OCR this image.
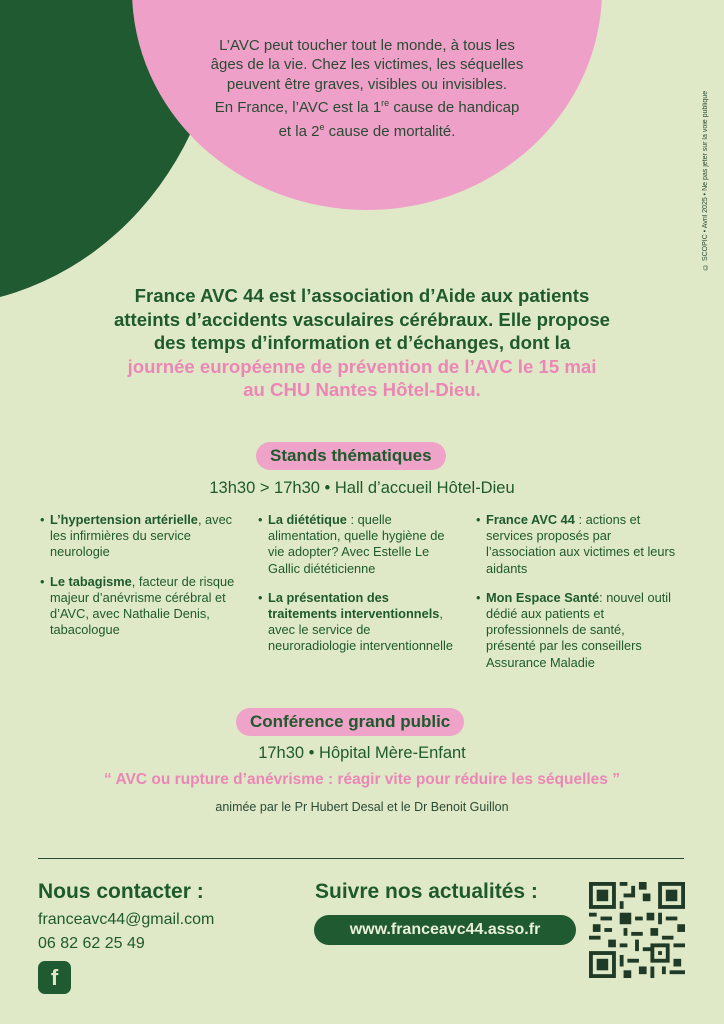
L’AVC peut toucher tout le monde, à tous les
âges de la vie. Chez les victimes, les séquelles
peuvent être graves, visibles ou invisibles.
En France, l’AVC est la 1re cause de handicap
et la 2e cause de mortalité.	© SCOPIC • Avril 2025 • Ne pas jeter sur la voie publique
France AVC 44 est l’association d’Aide aux patients
atteints d’accidents vasculaires cérébraux. Elle propose
des temps d’information et d’échanges, dont la
journée européenne de prévention de l’AVC le 15 mai
au CHU Nantes Hôtel-Dieu.
Stands thématiques
13h30 > 17h30 • Hall d’accueil Hôtel-Dieu
• L’hypertension artérielle, avec les infirmières du service neurologie
• Le tabagisme, facteur de risque majeur d’anévrisme cérébral et d’AVC, avec Nathalie Denis, tabacologue
• La diététique : quelle alimentation, quelle hygiène de vie adopter? Avec Estelle Le Gallic diététicienne
• La présentation des traitements interventionnels, avec le service de neuroradiologie interventionnelle
• France AVC 44 : actions et services proposés par l’association aux victimes et leurs aidants
• Mon Espace Santé: nouvel outil dédié aux patients et professionnels de santé, présenté par les conseillers Assurance Maladie
Conférence grand public
17h30 • Hôpital Mère-Enfant
“ AVC ou rupture d’anévrisme : réagir vite pour réduire les séquelles ”
animée par le Pr Hubert Desal et le Dr Benoit Guillon
Nous contacter :
franceavc44@gmail.com
06 82 62 25 49
f
Suivre nos actualités :
www.franceavc44.asso.fr
